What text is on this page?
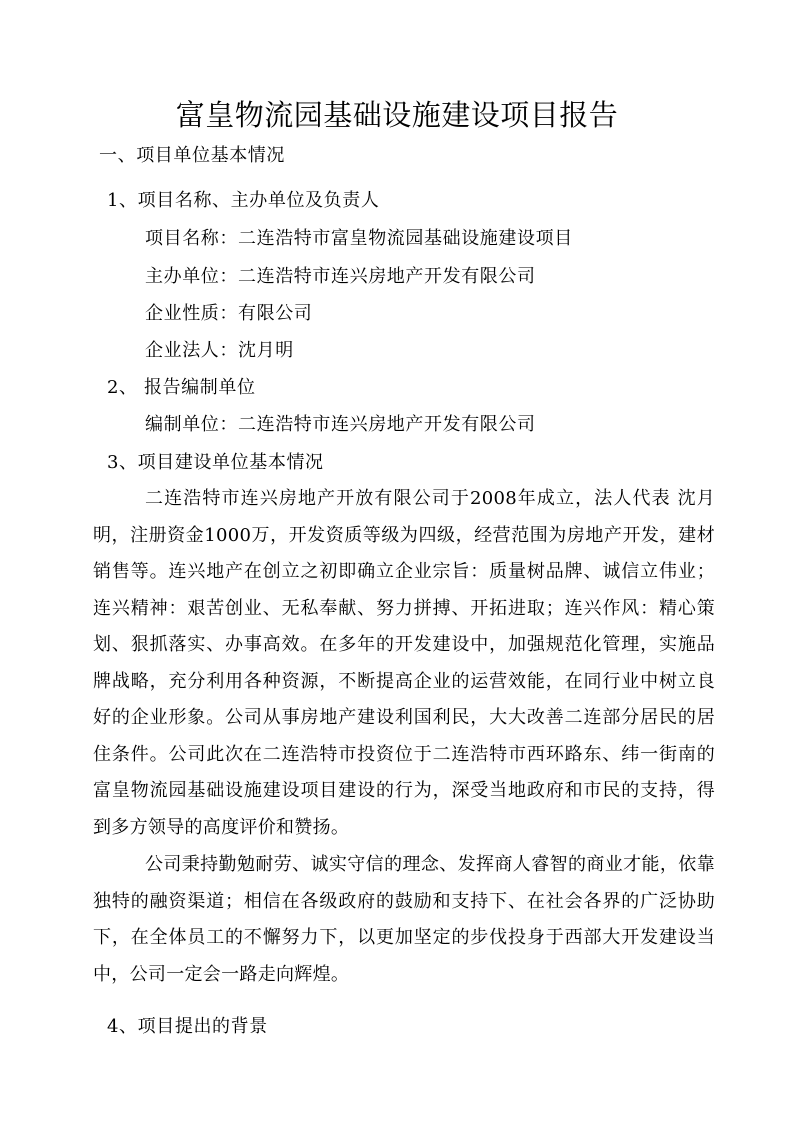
富皇物流园基础设施建设项目报告
一、项目单位基本情况
1、项目名称、主办单位及负责人
项目名称：二连浩特市富皇物流园基础设施建设项目
主办单位：二连浩特市连兴房地产开发有限公司
企业性质：有限公司
企业法人：沈月明
2、 报告编制单位
编制单位：二连浩特市连兴房地产开发有限公司
3、项目建设单位基本情况
二连浩特市连兴房地产开放有限公司于2008年成立，法人代表 沈月明，注册资金1000万，开发资质等级为四级，经营范围为房地产开发，建材销售等。连兴地产在创立之初即确立企业宗旨：质量树品牌、诚信立伟业；连兴精神：艰苦创业、无私奉献、努力拼搏、开拓进取；连兴作风：精心策划、狠抓落实、办事高效。在多年的开发建设中，加强规范化管理，实施品牌战略，充分利用各种资源，不断提高企业的运营效能，在同行业中树立良好的企业形象。公司从事房地产建设利国利民，大大改善二连部分居民的居住条件。公司此次在二连浩特市投资位于二连浩特市西环路东、纬一街南的富皇物流园基础设施建设项目建设的行为，深受当地政府和市民的支持，得到多方领导的高度评价和赞扬。
公司秉持勤勉耐劳、诚实守信的理念、发挥商人睿智的商业才能，依靠独特的融资渠道；相信在各级政府的鼓励和支持下、在社会各界的广泛协助下，在全体员工的不懈努力下，以更加坚定的步伐投身于西部大开发建设当中，公司一定会一路走向辉煌。
4、项目提出的背景
